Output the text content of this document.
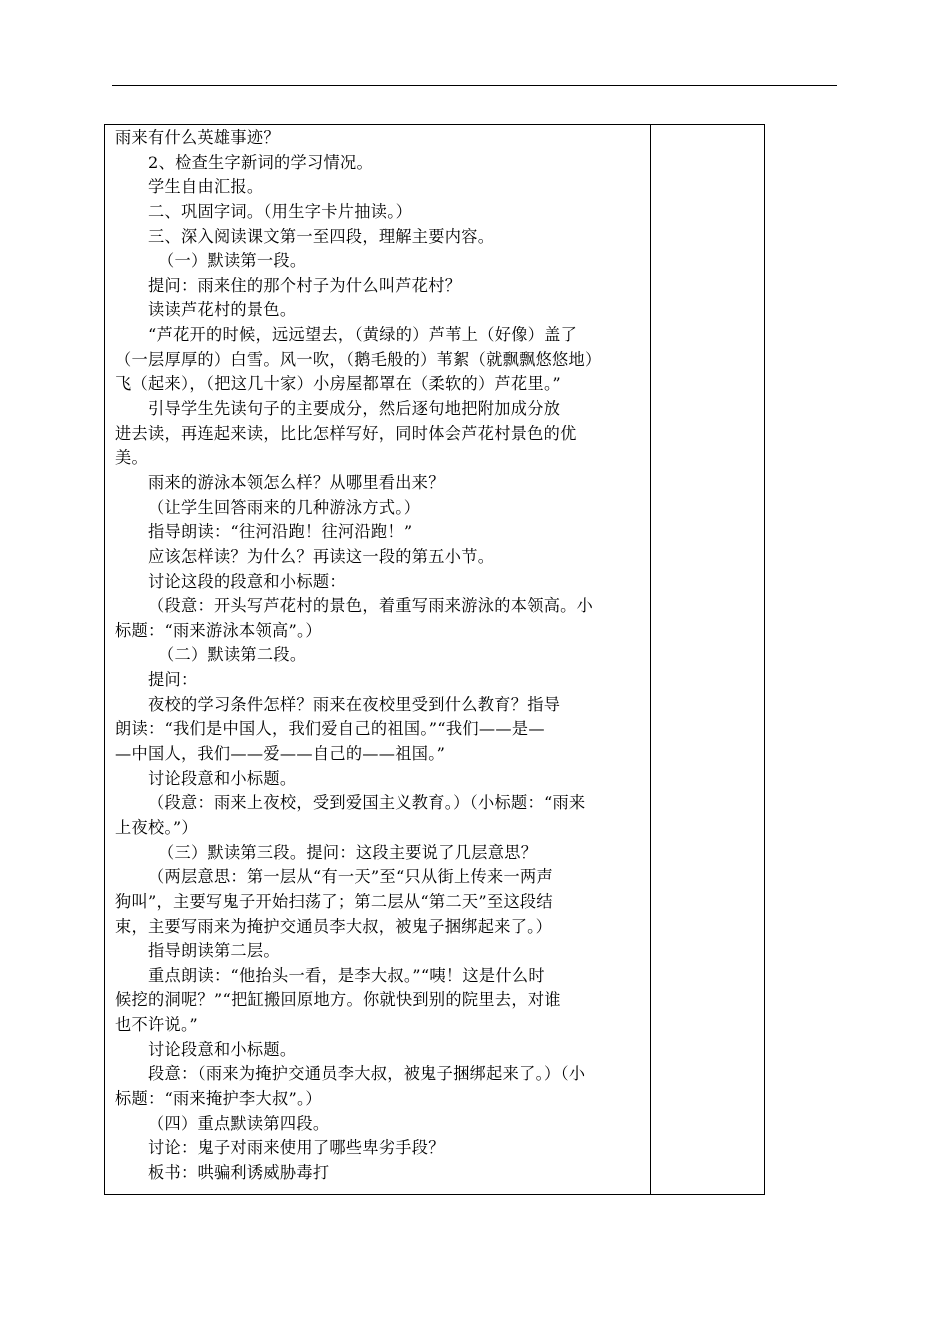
雨来有什么英雄事迹？
2、检查生字新词的学习情况。
学生自由汇报。
二、巩固字词。（用生字卡片抽读。）
三、深入阅读课文第一至四段，理解主要内容。
（一）默读第一段。
提问：雨来住的那个村子为什么叫芦花村？
读读芦花村的景色。
“芦花开的时候，远远望去，（黄绿的）芦苇上（好像）盖了
（一层厚厚的）白雪。风一吹，（鹅毛般的）苇絮（就飘飘悠悠地）
飞（起来），（把这几十家）小房屋都罩在（柔软的）芦花里。”
引导学生先读句子的主要成分，然后逐句地把附加成分放
进去读，再连起来读，比比怎样写好，同时体会芦花村景色的优
美。
雨来的游泳本领怎么样？从哪里看出来？
（让学生回答雨来的几种游泳方式。）
指导朗读：“往河沿跑！往河沿跑！”
应该怎样读？为什么？再读这一段的第五小节。
讨论这段的段意和小标题：
（段意：开头写芦花村的景色，着重写雨来游泳的本领高。小
标题：“雨来游泳本领高”。）
（二）默读第二段。
提问：
夜校的学习条件怎样？雨来在夜校里受到什么教育？指导
朗读：“我们是中国人，我们爱自己的祖国。”“我们——是—
—中国人，我们——爱——自己的——祖国。”
讨论段意和小标题。
（段意：雨来上夜校，受到爱国主义教育。）（小标题：“雨来
上夜校。”）
（三）默读第三段。提问：这段主要说了几层意思？
（两层意思：第一层从“有一天”至“只从街上传来一两声
狗叫”，主要写鬼子开始扫荡了；第二层从“第二天”至这段结
束，主要写雨来为掩护交通员李大叔，被鬼子捆绑起来了。）
指导朗读第二层。
重点朗读：“他抬头一看，是李大叔。”“咦！这是什么时
候挖的洞呢？”“把缸搬回原地方。你就快到别的院里去，对谁
也不许说。”
讨论段意和小标题。
段意：（雨来为掩护交通员李大叔，被鬼子捆绑起来了。）（小
标题：“雨来掩护李大叔”。）
（四）重点默读第四段。
讨论：鬼子对雨来使用了哪些卑劣手段？
板书：哄骗利诱威胁毒打
